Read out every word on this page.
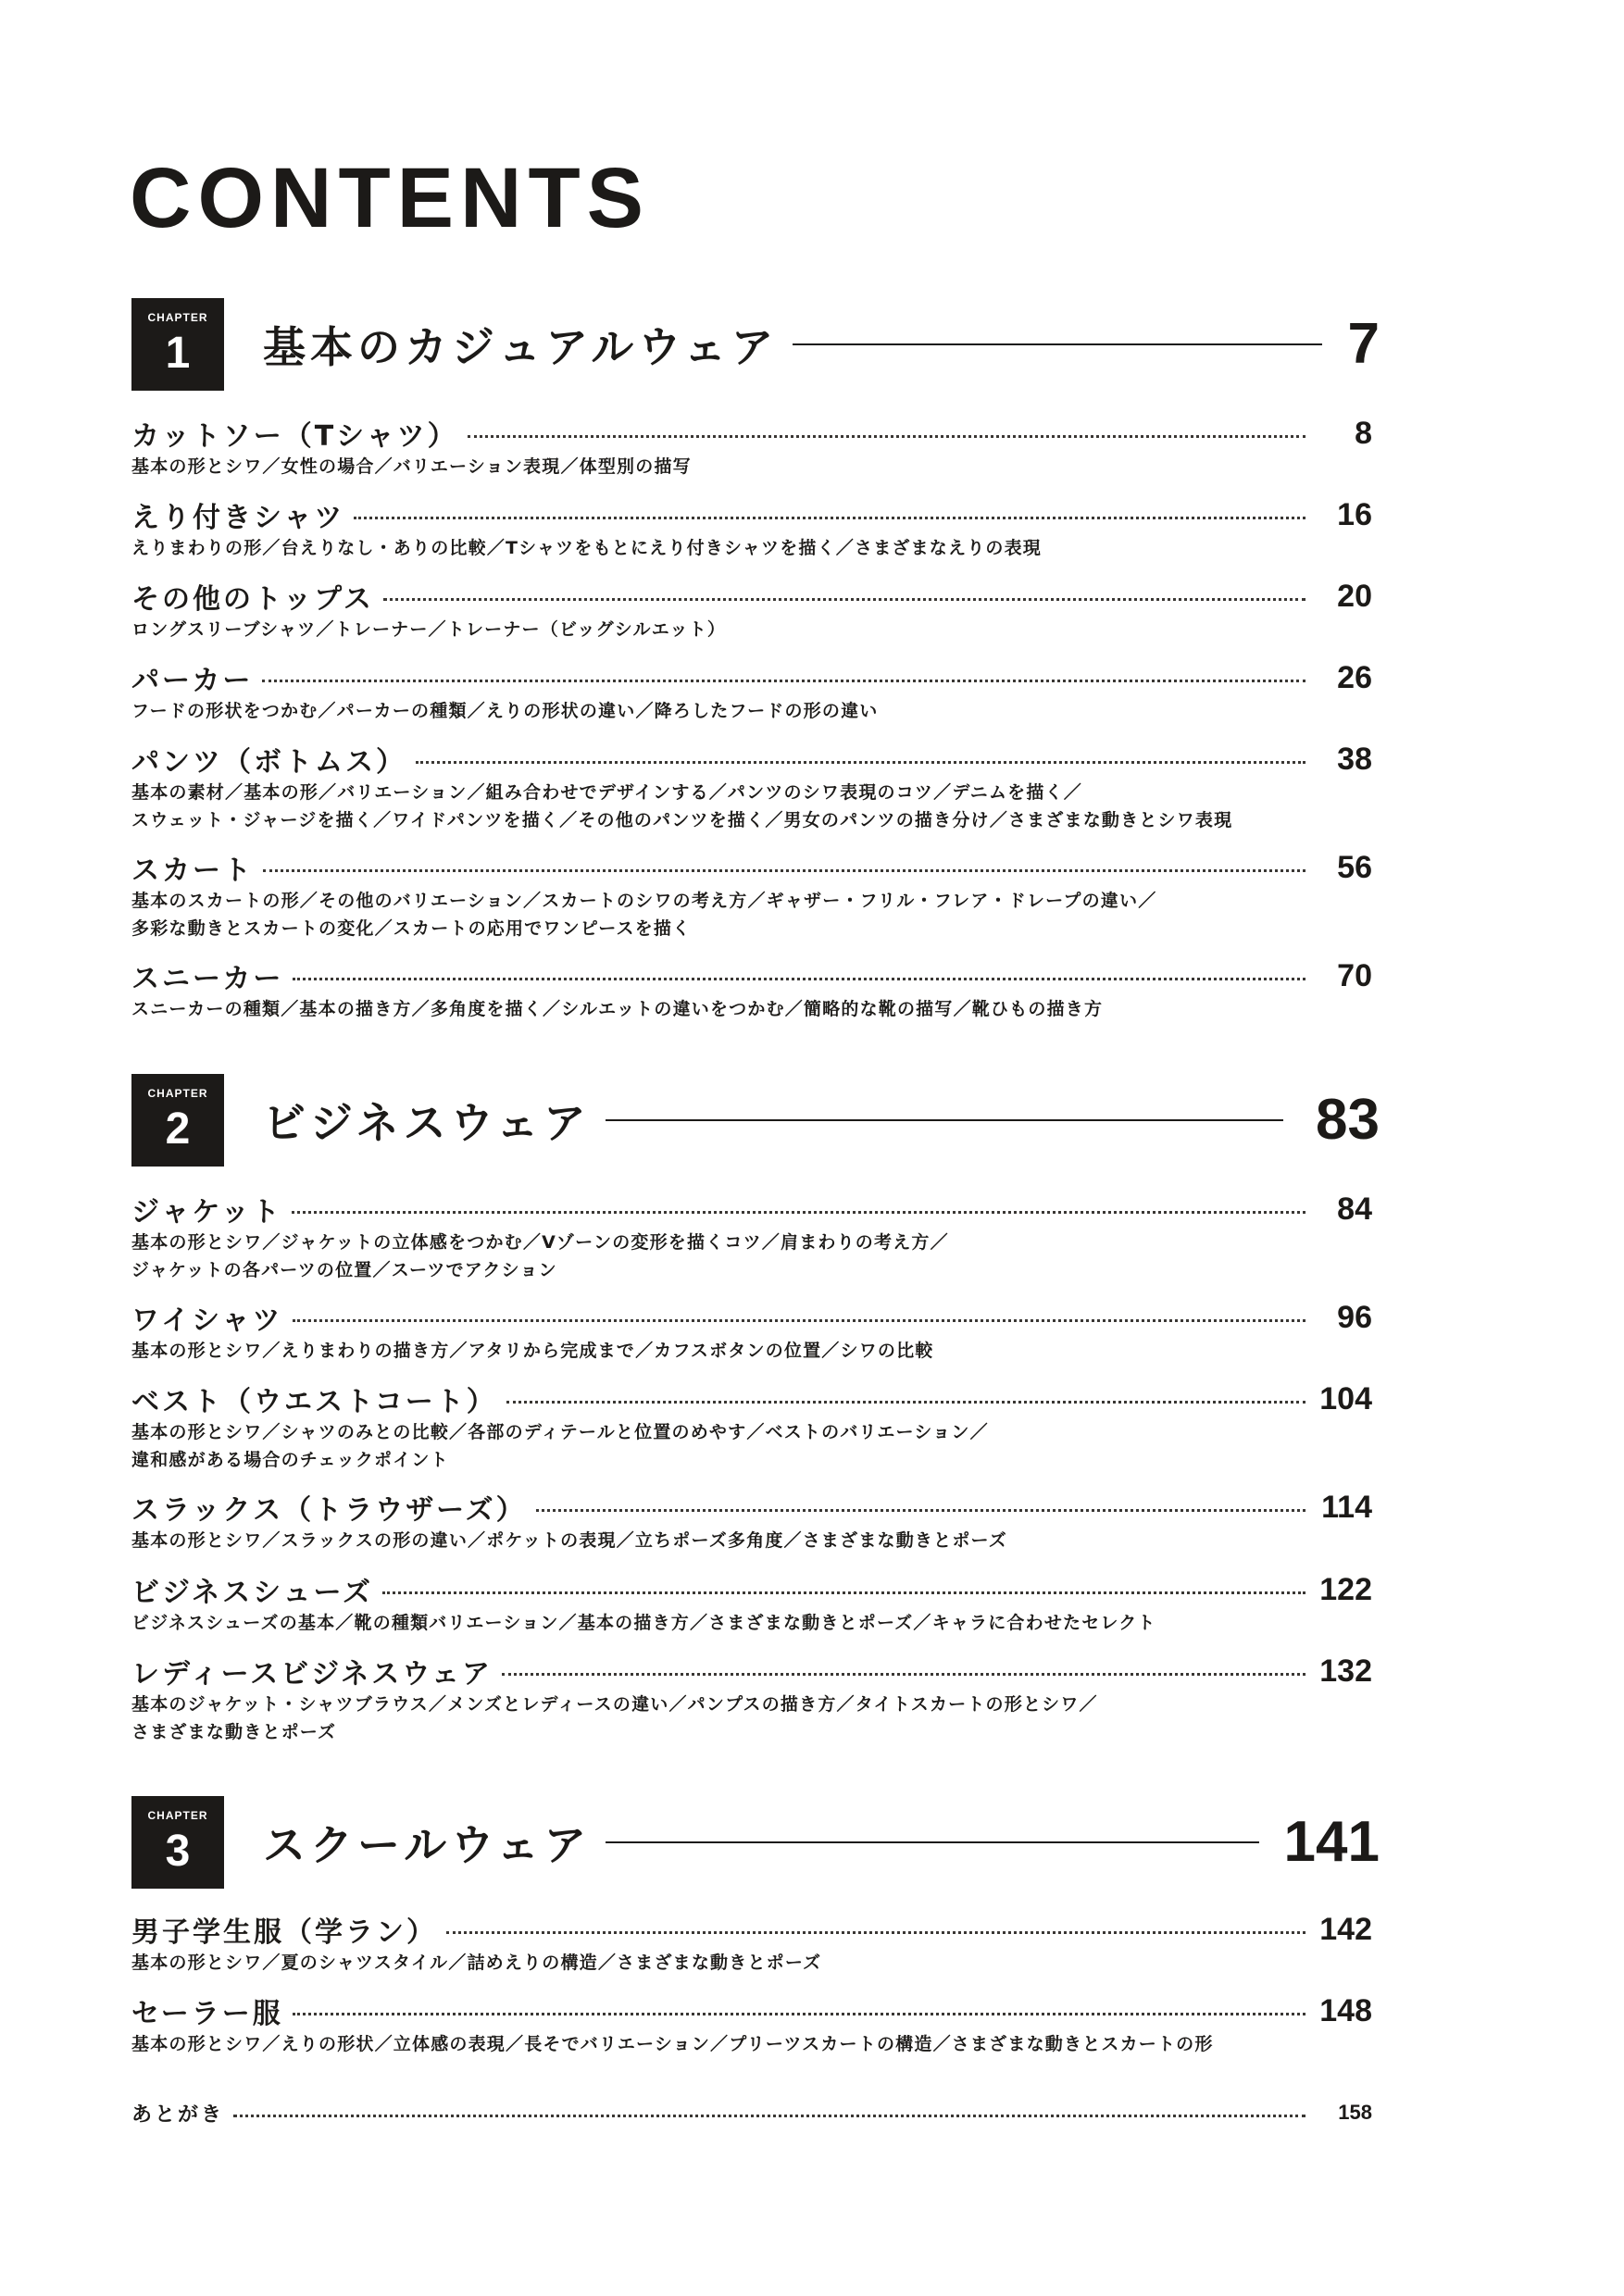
CONTENTS
CHAPTER
1	基本のカジュアルウェア	7
カットソー（Tシャツ）	8
基本の形とシワ／女性の場合／バリエーション表現／体型別の描写
えり付きシャツ	16
えりまわりの形／台えりなし・ありの比較／Tシャツをもとにえり付きシャツを描く／さまざまなえりの表現
その他のトップス	20
ロングスリーブシャツ／トレーナー／トレーナー（ビッグシルエット）
パーカー	26
フードの形状をつかむ／パーカーの種類／えりの形状の違い／降ろしたフードの形の違い
パンツ（ボトムス）	38
基本の素材／基本の形／バリエーション／組み合わせでデザインする／パンツのシワ表現のコツ／デニムを描く／
スウェット・ジャージを描く／ワイドパンツを描く／その他のパンツを描く／男女のパンツの描き分け／さまざまな動きとシワ表現
スカート	56
基本のスカートの形／その他のバリエーション／スカートのシワの考え方／ギャザー・フリル・フレア・ドレープの違い／
多彩な動きとスカートの変化／スカートの応用でワンピースを描く
スニーカー	70
スニーカーの種類／基本の描き方／多角度を描く／シルエットの違いをつかむ／簡略的な靴の描写／靴ひもの描き方
CHAPTER
2	ビジネスウェア	83
ジャケット	84
基本の形とシワ／ジャケットの立体感をつかむ／Vゾーンの変形を描くコツ／肩まわりの考え方／
ジャケットの各パーツの位置／スーツでアクション
ワイシャツ	96
基本の形とシワ／えりまわりの描き方／アタリから完成まで／カフスボタンの位置／シワの比較
ベスト（ウエストコート）	104
基本の形とシワ／シャツのみとの比較／各部のディテールと位置のめやす／ベストのバリエーション／
違和感がある場合のチェックポイント
スラックス（トラウザーズ）	114
基本の形とシワ／スラックスの形の違い／ポケットの表現／立ちポーズ多角度／さまざまな動きとポーズ
ビジネスシューズ	122
ビジネスシューズの基本／靴の種類バリエーション／基本の描き方／さまざまな動きとポーズ／キャラに合わせたセレクト
レディースビジネスウェア	132
基本のジャケット・シャツブラウス／メンズとレディースの違い／パンプスの描き方／タイトスカートの形とシワ／
さまざまな動きとポーズ
CHAPTER
3	スクールウェア	141
男子学生服（学ラン）	142
基本の形とシワ／夏のシャツスタイル／詰めえりの構造／さまざまな動きとポーズ
セーラー服	148
基本の形とシワ／えりの形状／立体感の表現／長そでバリエーション／プリーツスカートの構造／さまざまな動きとスカートの形
あとがき	158
